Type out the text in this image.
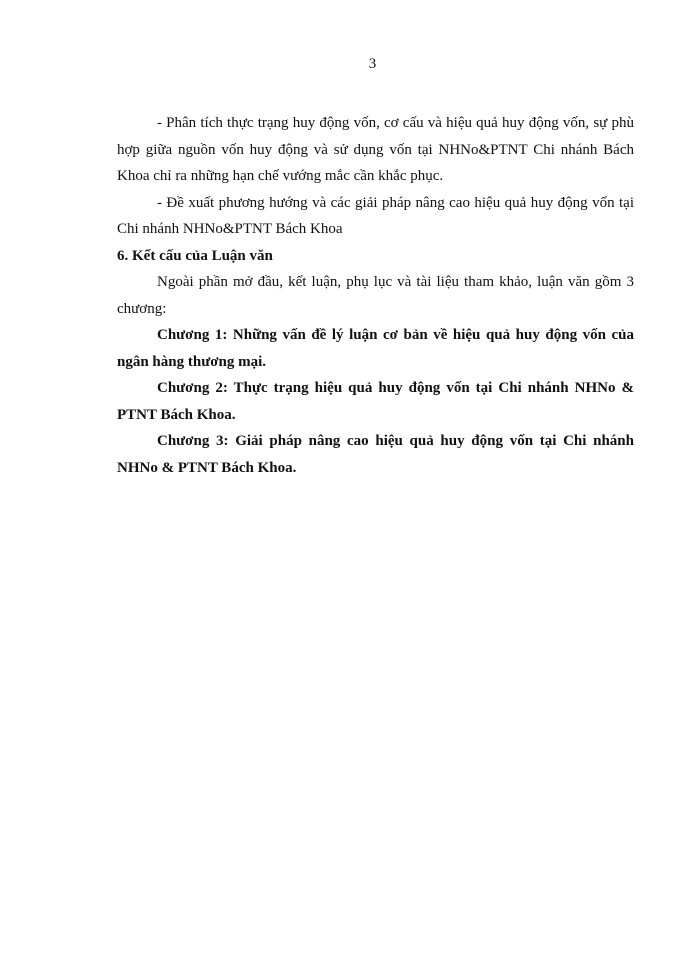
3

- Phân tích thực trạng huy động vốn, cơ cấu và hiệu quả huy động vốn, sự phù hợp giữa nguồn vốn huy động và sử dụng vốn tại NHNo&PTNT Chi nhánh Bách Khoa chỉ ra những hạn chế vướng mắc cần khắc phục.

- Đề xuất phương hướng và các giải pháp nâng cao hiệu quả huy động vốn tại Chi nhánh NHNo&PTNT Bách Khoa

6. Kết cấu của Luận văn

Ngoài phần mở đầu, kết luận, phụ lục và tài liệu tham khảo, luận văn gồm 3 chương:

Chương 1: Những vấn đề lý luận cơ bản về hiệu quả huy động vốn của ngân hàng thương mại.

Chương 2: Thực trạng hiệu quả huy động vốn tại Chi nhánh NHNo & PTNT Bách Khoa.

Chương 3: Giải pháp nâng cao hiệu quả huy động vốn tại Chi nhánh NHNo & PTNT Bách Khoa.
